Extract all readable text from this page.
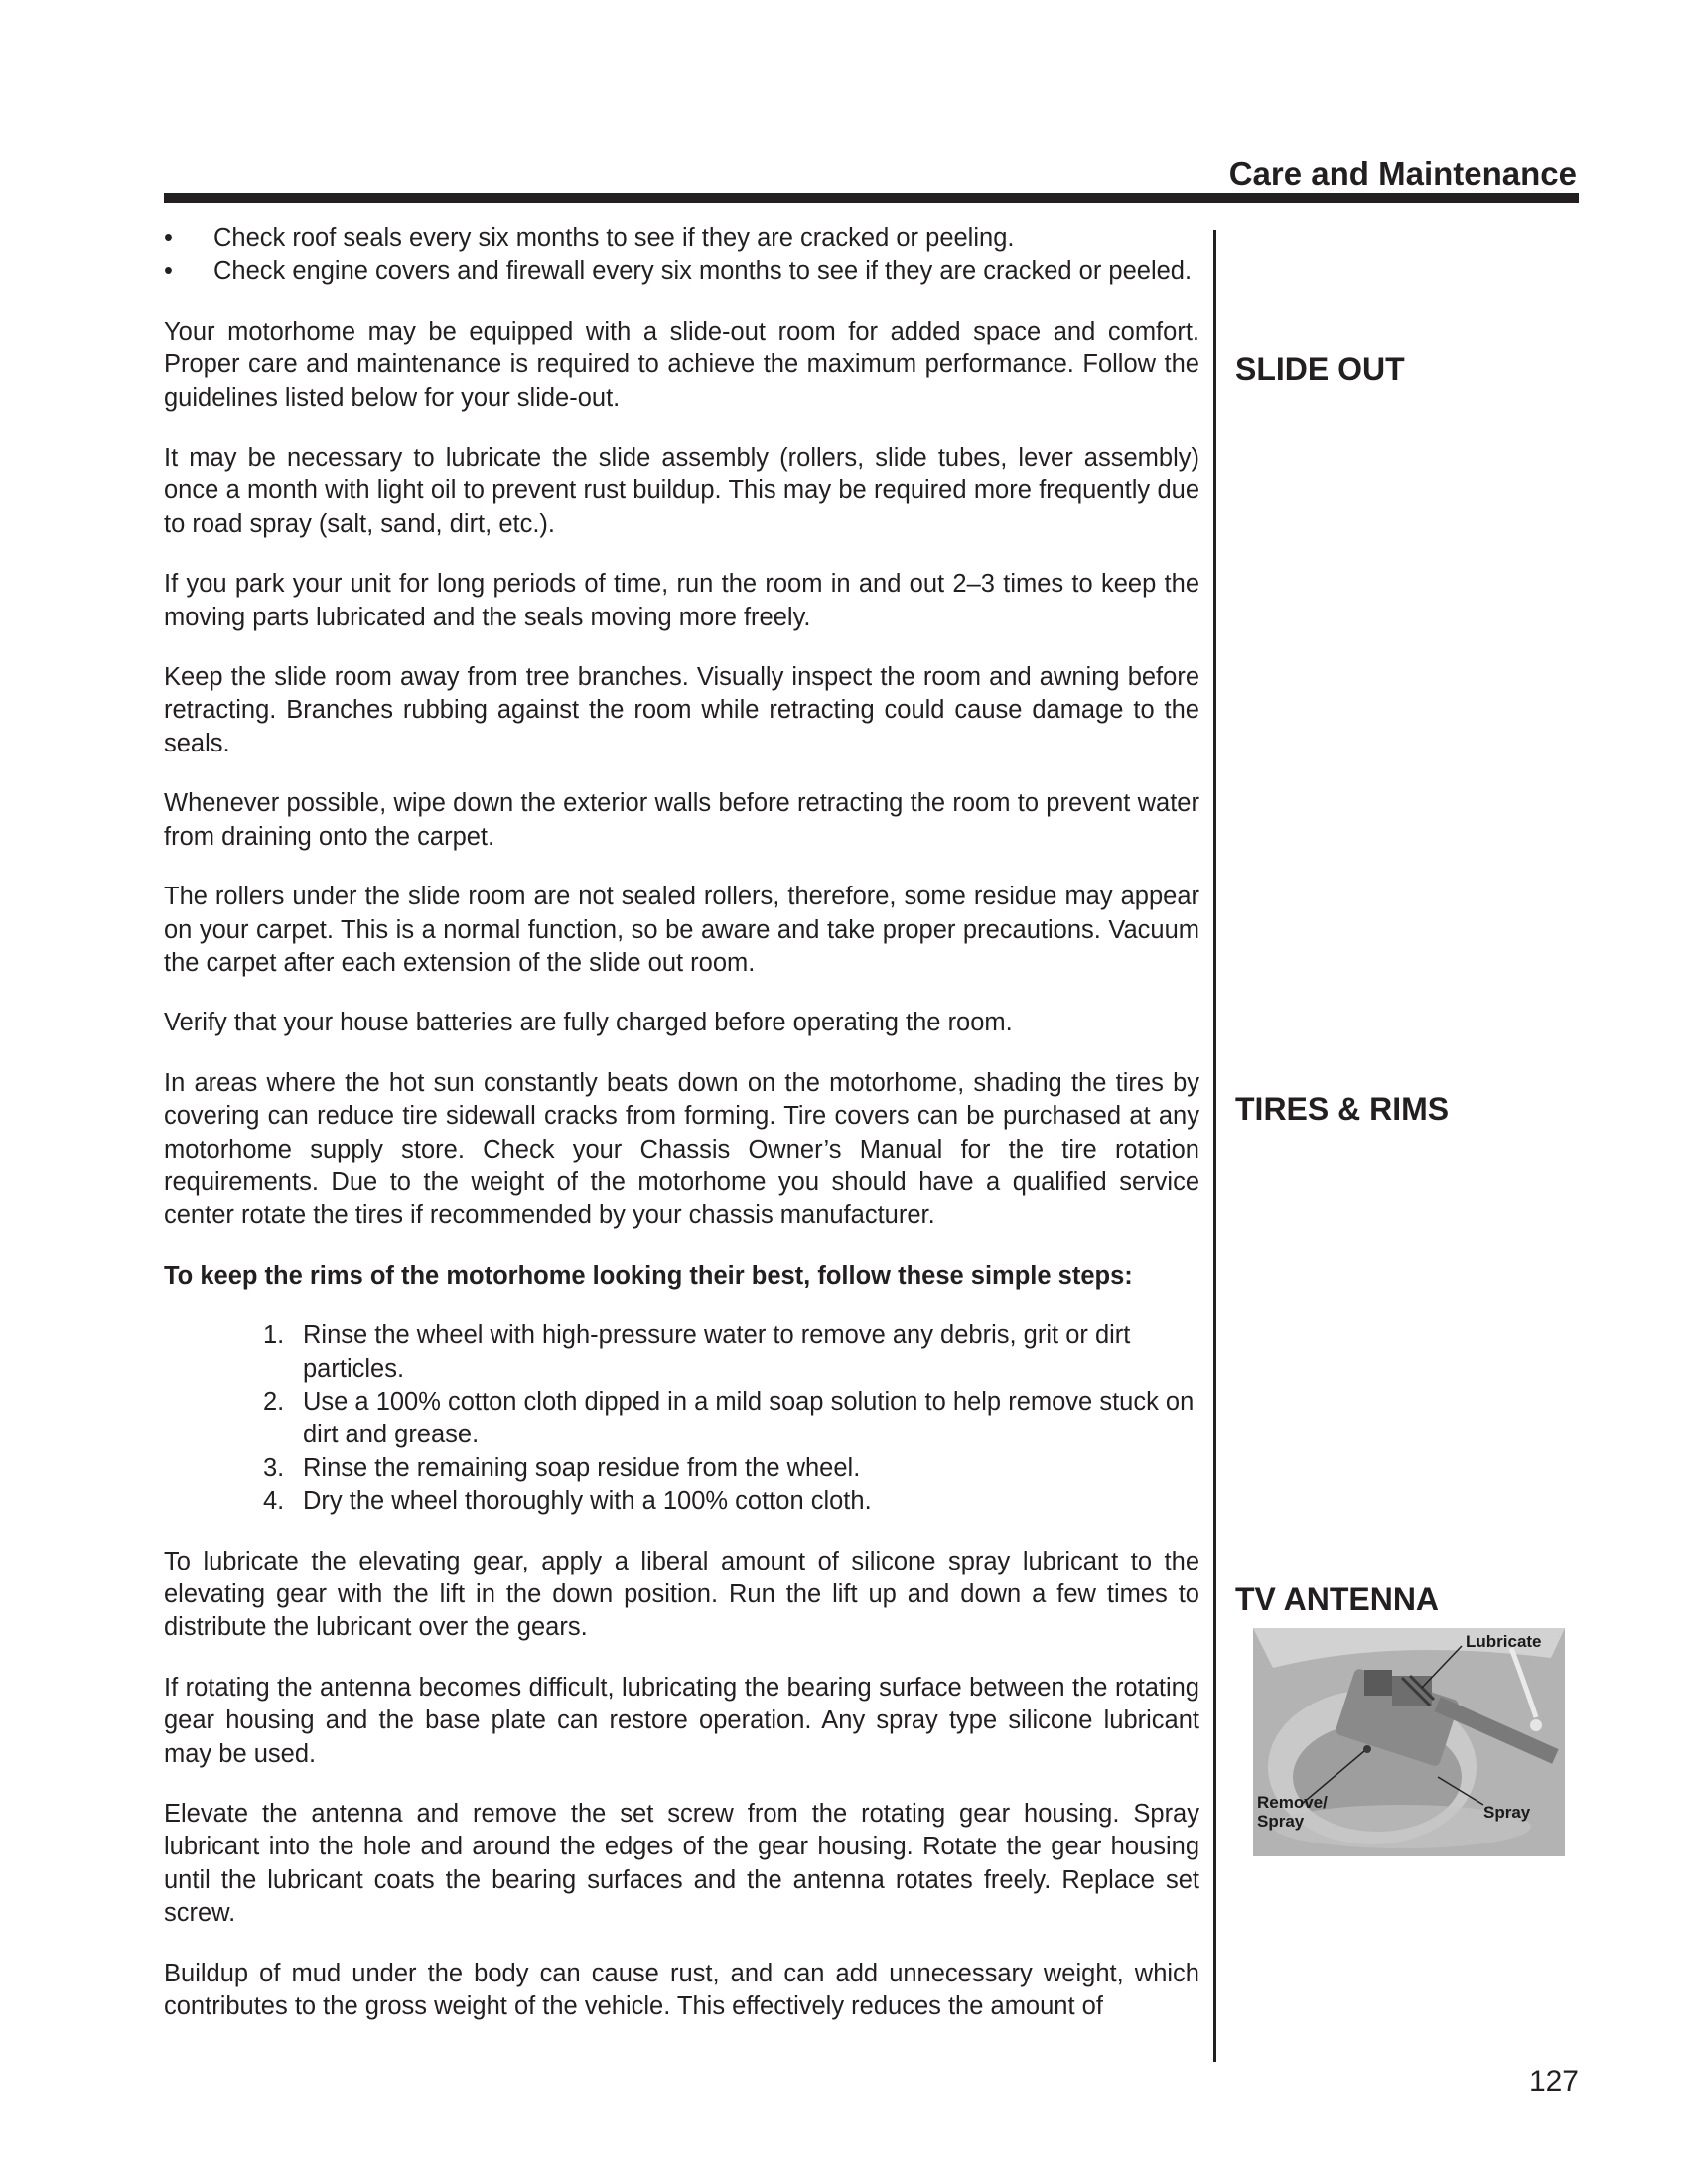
Care and Maintenance
SLIDE OUT
TIRES & RIMS
TV ANTENNA
Lubricate
Remove/
Spray	Spray
• Check roof seals every six months to see if they are cracked or peeling.
• Check engine covers and firewall every six months to see if they are cracked or peeled.

Your motorhome may be equipped with a slide-out room for added space and comfort. Proper care and maintenance is required to achieve the maximum performance. Follow the guidelines listed below for your slide-out.

It may be necessary to lubricate the slide assembly (rollers, slide tubes, lever assembly) once a month with light oil to prevent rust buildup. This may be required more frequently due to road spray (salt, sand, dirt, etc.).

If you park your unit for long periods of time, run the room in and out 2–3 times to keep the moving parts lubricated and the seals moving more freely.

Keep the slide room away from tree branches. Visually inspect the room and awning before retracting. Branches rubbing against the room while retracting could cause damage to the seals.

Whenever possible, wipe down the exterior walls before retracting the room to prevent water from draining onto the carpet.

The rollers under the slide room are not sealed rollers, therefore, some residue may appear on your carpet. This is a normal function, so be aware and take proper precautions. Vacuum the carpet after each extension of the slide out room.

Verify that your house batteries are fully charged before operating the room.

In areas where the hot sun constantly beats down on the motorhome, shading the tires by covering can reduce tire sidewall cracks from forming. Tire covers can be purchased at any motorhome supply store. Check your Chassis Owner’s Manual for the tire rotation requirements. Due to the weight of the motorhome you should have a qualified service center rotate the tires if recommended by your chassis manufacturer.

To keep the rims of the motorhome looking their best, follow these simple steps:

1. Rinse the wheel with high-pressure water to remove any debris, grit or dirt particles.
2. Use a 100% cotton cloth dipped in a mild soap solution to help remove stuck on dirt and grease.
3. Rinse the remaining soap residue from the wheel.
4. Dry the wheel thoroughly with a 100% cotton cloth.

To lubricate the elevating gear, apply a liberal amount of silicone spray lubricant to the elevating gear with the lift in the down position. Run the lift up and down a few times to distribute the lubricant over the gears.

If rotating the antenna becomes difficult, lubricating the bearing surface between the rotating gear housing and the base plate can restore operation. Any spray type silicone lubricant may be used.

Elevate the antenna and remove the set screw from the rotating gear housing. Spray lubricant into the hole and around the edges of the gear housing. Rotate the gear housing until the lubricant coats the bearing surfaces and the antenna rotates freely. Replace set screw.

Buildup of mud under the body can cause rust, and can add unnecessary weight, which contributes to the gross weight of the vehicle. This effectively reduces the amount of

127
